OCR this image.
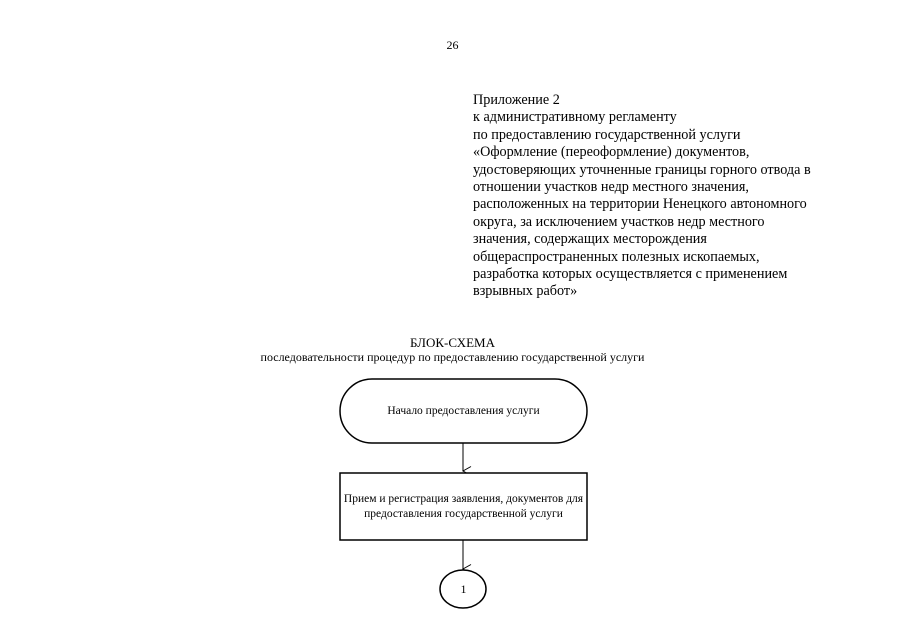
26
Приложение 2
к административному регламенту
по предоставлению государственной услуги
«Оформление (переоформление) документов,
удостоверяющих уточненные границы горного отвода в
отношении участков недр местного значения,
расположенных на территории Ненецкого автономного
округа, за исключением участков недр местного
значения, содержащих месторождения
общераспространенных полезных ископаемых,
разработка которых осуществляется с применением
взрывных работ»
БЛОК-СХЕМА
последовательности процедур по предоставлению государственной услуги
Начало предоставления услуги
Прием и регистрация заявления, документов для предоставления государственной услуги
1
